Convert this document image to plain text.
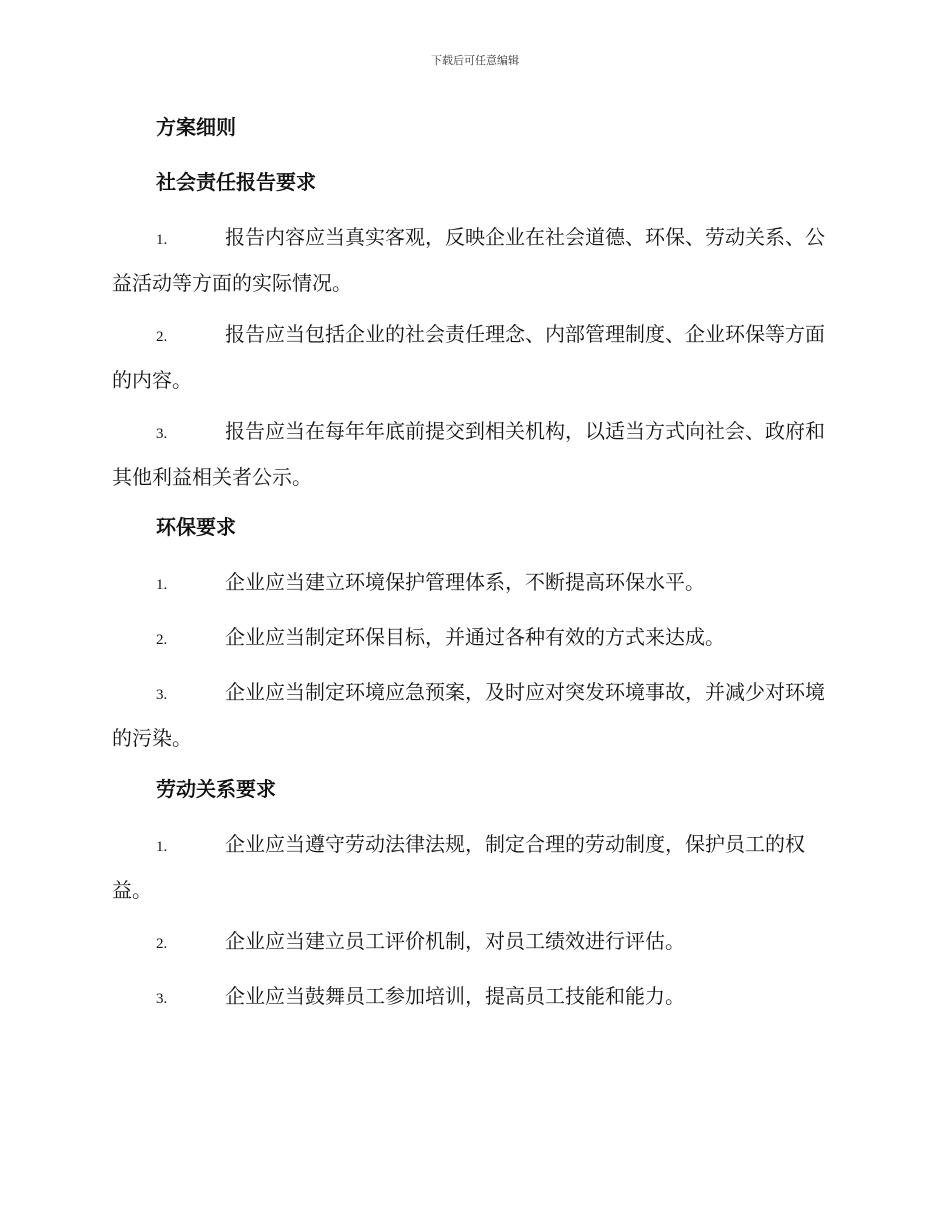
下载后可任意编辑
方案细则
社会责任报告要求
1.	报告内容应当真实客观，反映企业在社会道德、环保、劳动关系、公益活动等方面的实际情况。
2.	报告应当包括企业的社会责任理念、内部管理制度、企业环保等方面的内容。
3.	报告应当在每年年底前提交到相关机构，以适当方式向社会、政府和其他利益相关者公示。
环保要求
1.	企业应当建立环境保护管理体系，不断提高环保水平。
2.	企业应当制定环保目标，并通过各种有效的方式来达成。
3.	企业应当制定环境应急预案，及时应对突发环境事故，并减少对环境的污染。
劳动关系要求
1.	企业应当遵守劳动法律法规，制定合理的劳动制度，保护员工的权益。
2.	企业应当建立员工评价机制，对员工绩效进行评估。
3.	企业应当鼓舞员工参加培训，提高员工技能和能力。
